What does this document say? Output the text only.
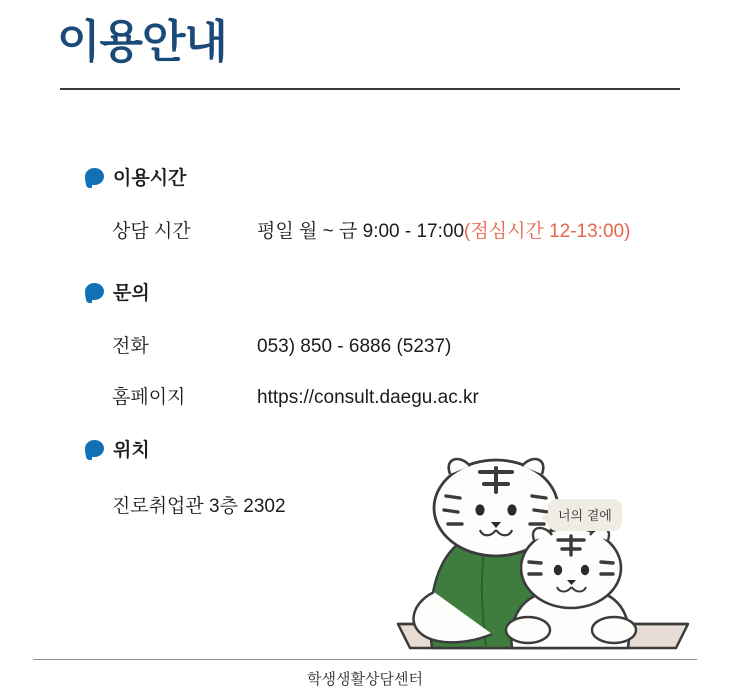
이용안내
이용시간
상담 시간	평일 월 ~ 금 9:00 - 17:00 (점심시간 12-13:00)
문의
전화	053) 850 - 6886 (5237)
홈페이지	https://consult.daegu.ac.kr
위치
진로취업관 3층 2302	너의 곁에
학생생활상담센터
